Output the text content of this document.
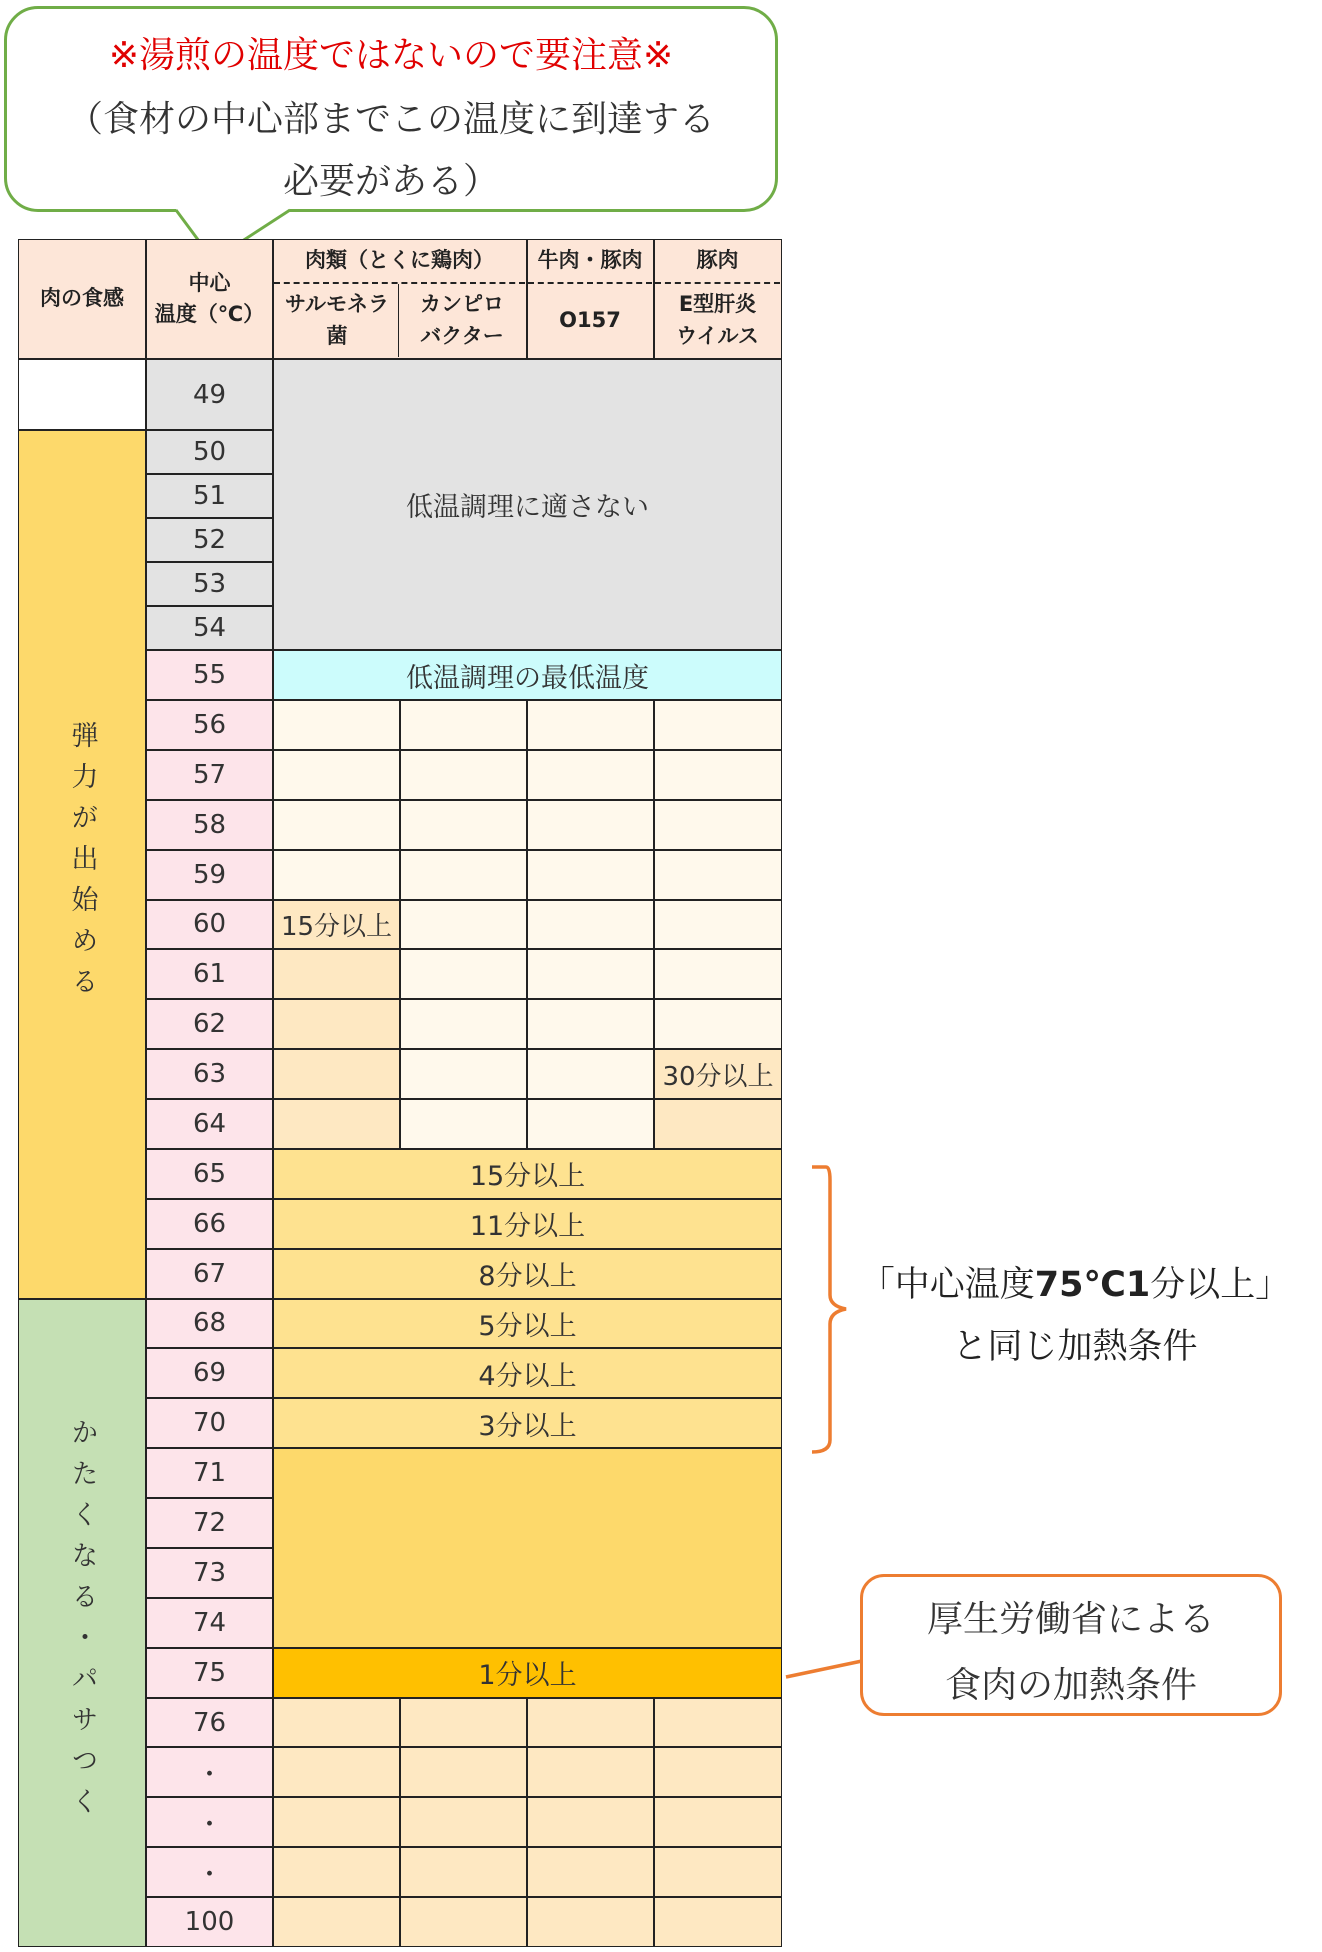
※湯煎の温度ではないので要注意※
（食材の中心部までこの温度に到達する
必要がある）
肉の食感
中心
温度（℃）
肉類（とくに鶏肉）
サルモネラ
菌
カンピロ
バクター
牛肉・豚肉
O157
豚肉
E型肝炎
ウイルス
弾力が出始める
かたくなる・パサつく
49
50
51
52
53
54
55
56
57
58
59
60
61
62
63
64
65
66
67
68
69
70
71
72
73
74
75
76
・
・
・
100
低温調理に適さない
低温調理の最低温度
15分以上
30分以上
15分以上
11分以上
8分以上
5分以上
4分以上
3分以上
1分以上
「中心温度75℃1分以上」
と同じ加熱条件
厚生労働省による
食肉の加熱条件
